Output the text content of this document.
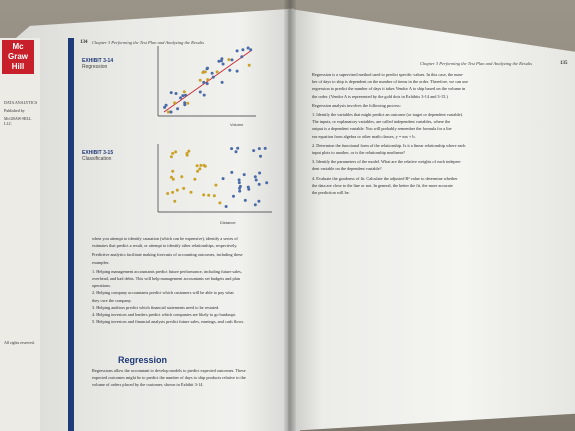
Mc
Graw
Hill
DATA ANALYTICS
Published by
McGRAW-HILL LLC
All rights reserved.
134 Chapter 3 Performing the Test Plan and Analyzing the Results
EXHIBIT 3-14
Regression
Volume
EXHIBIT 3-15
Classification
Distance

when you attempt to identify causation (which can be expensive), identify a series of

estimates that predict a result, or attempt to identify other relationships, respectively.

Predictive analytics facilitate making forecasts of accounting outcomes, including these

examples:

1. Helping management accountants predict future performance, including future sales,

overhead, and bad debts. This will help management accountants set budgets and plan

operations.

2. Helping company accountants predict which customers will be able to pay what

they owe the company.

3. Helping auditors predict which financial statements need to be restated.

4. Helping investors and lenders predict which companies are likely to go bankrupt.

5. Helping investors and financial analysts predict future sales, earnings, and cash flows.

Regression

Regressions allow the accountant to develop models to predict expected outcomes. These

expected outcomes might be to predict the number of days to ship products relative to the

volume of orders placed by the customer, shown in Exhibit 3-14.

Chapter 3 Performing the Test Plan and Analyzing the Results	135

Regression is a supervised method used to predict specific values. In this case, the num-

ber of days to ship is dependent on the number of items in the order. Therefore, we can use

regression to predict the number of days it takes Vendor A to ship based on the volume in

the order. (Vendor A is represented by the gold dots in Exhibits 3-14 and 3-15.)

Regression analysis involves the following process:

1. Identify the variables that might predict an outcome (or target or dependent variable).

The inputs, or explanatory variables, are called independent variables, where the

output is a dependent variable. You will probably remember the formula for a lin-

ear equation from algebra or other math classes, y = mx + b.

2. Determine the functional form of the relationship. Is it a linear relationship where each

input plots to another, or is the relationship nonlinear?

3. Identify the parameters of the model. What are the relative weights of each indepen-

dent variable on the dependent variable?

4. Evaluate the goodness of fit. Calculate the adjusted R² value to determine whether

the data are close to the line or not. In general, the better the fit, the more accurate

the prediction will be.
